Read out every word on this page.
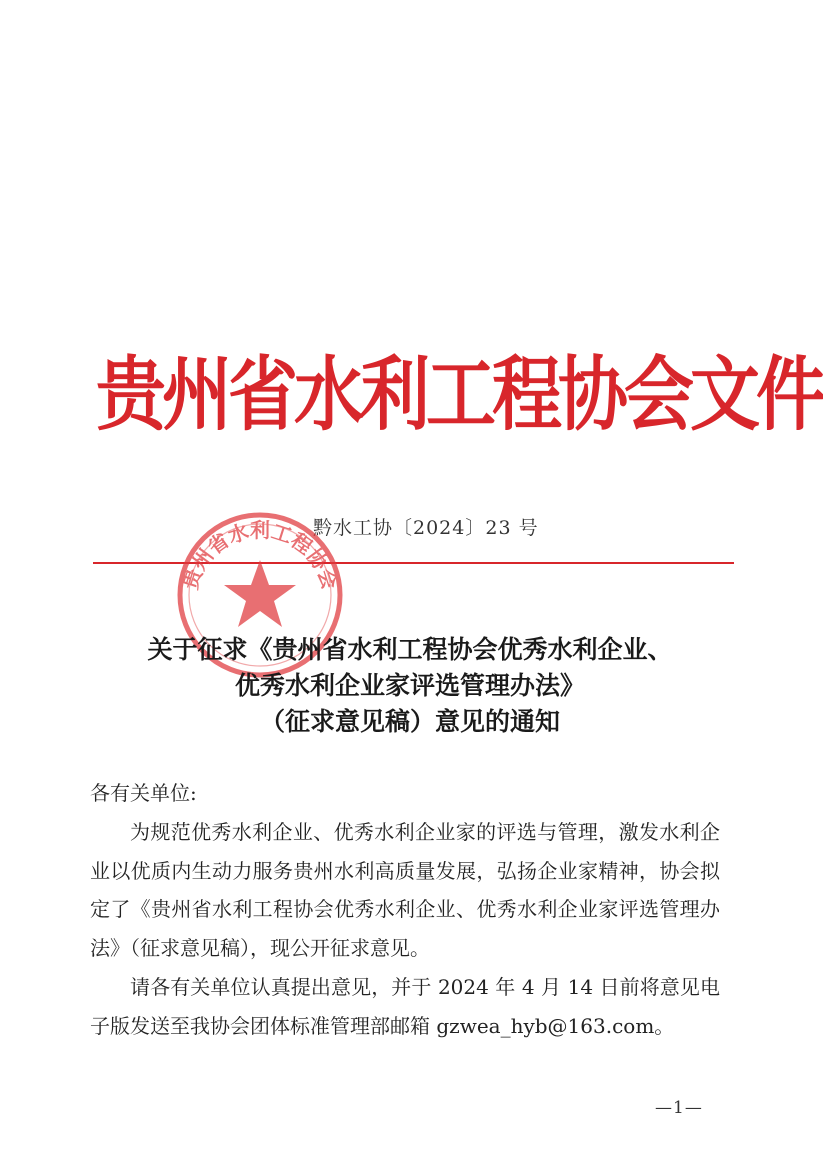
贵州省水利工程协会文件
黔水工协〔2024〕23 号
贵州省水利工程协会
关于征求《贵州省水利工程协会优秀水利企业、
优秀水利企业家评选管理办法》
（征求意见稿）意见的通知
各有关单位:
为规范优秀水利企业、优秀水利企业家的评选与管理，激发水利企业以优质内生动力服务贵州水利高质量发展，弘扬企业家精神，协会拟定了《贵州省水利工程协会优秀水利企业、优秀水利企业家评选管理办法》（征求意见稿），现公开征求意见。
请各有关单位认真提出意见，并于 2024 年 4 月 14 日前将意见电子版发送至我协会团体标准管理部邮箱 gzwea_hyb@163.com。
—1—
